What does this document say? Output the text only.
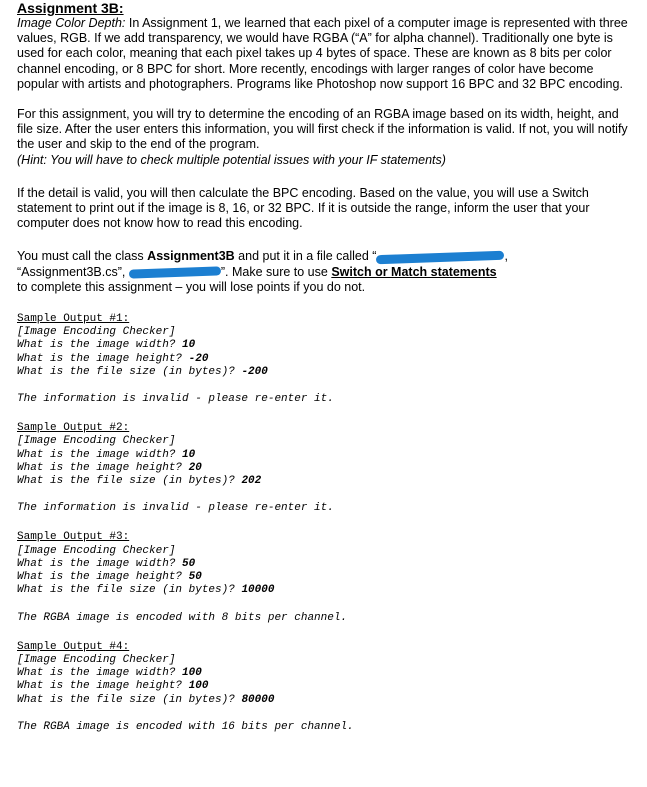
Assignment 3B:

Image Color Depth: In Assignment 1, we learned that each pixel of a computer image is represented with three values, RGB. If we add transparency, we would have RGBA (“A” for alpha channel). Traditionally one byte is used for each color, meaning that each pixel takes up 4 bytes of space. These are known as 8 bits per color channel encoding, or 8 BPC for short. More recently, encodings with larger ranges of color have become popular with artists and photographers. Programs like Photoshop now support 16 BPC and 32 BPC encoding.

For this assignment, you will try to determine the encoding of an RGBA image based on its width, height, and file size. After the user enters this information, you will first check if the information is valid. If not, you will notify the user and skip to the end of the program.
(Hint: You will have to check multiple potential issues with your IF statements)

If the detail is valid, you will then calculate the BPC encoding. Based on the value, you will use a Switch statement to print out if the image is 8, 16, or 32 BPC. If it is outside the range, inform the user that your computer does not know how to read this encoding.

You must call the class Assignment3B and put it in a file called “	,
“Assignment3B.cs”,	”. Make sure to use Switch or Match statements
to complete this assignment – you will lose points if you do not.

Sample Output #1:
[Image Encoding Checker]
What is the image width? 10
What is the image height? -20
What is the file size (in bytes)? -200
The information is invalid - please re-enter it.
Sample Output #2:
[Image Encoding Checker]
What is the image width? 10
What is the image height? 20
What is the file size (in bytes)? 202
The information is invalid - please re-enter it.
Sample Output #3:
[Image Encoding Checker]
What is the image width? 50
What is the image height? 50
What is the file size (in bytes)? 10000
The RGBA image is encoded with 8 bits per channel.
Sample Output #4:
[Image Encoding Checker]
What is the image width? 100
What is the image height? 100
What is the file size (in bytes)? 80000
The RGBA image is encoded with 16 bits per channel.
